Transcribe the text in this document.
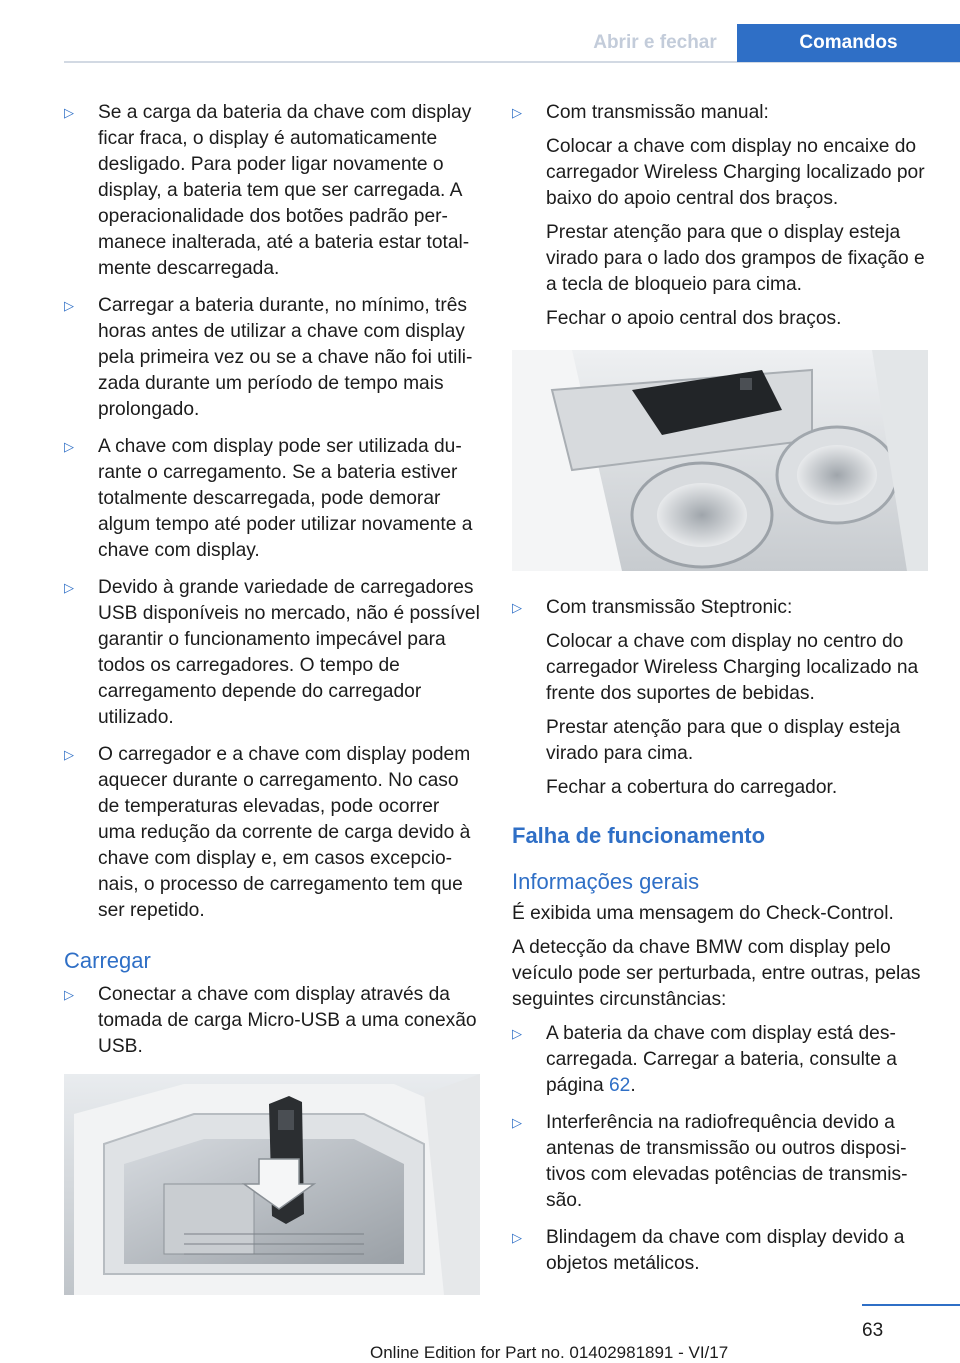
Abrir e fechar	Comandos
▷	Se a carga da bateria da chave com display ficar fraca, o display é automaticamente desligado. Para poder ligar novamente o display, a bateria tem que ser carregada. A operacionalidade dos botões padrão permanece inalterada, até a bateria estar totalmente descarregada.
▷	Carregar a bateria durante, no mínimo, três horas antes de utilizar a chave com display pela primeira vez ou se a chave não foi utilizada durante um período de tempo mais prolongado.
▷	A chave com display pode ser utilizada durante o carregamento. Se a bateria estiver totalmente descarregada, pode demorar algum tempo até poder utilizar novamente a chave com display.
▷	Devido à grande variedade de carregadores USB disponíveis no mercado, não é possível garantir o funcionamento impecável para todos os carregadores. O tempo de carregamento depende do carregador utilizado.
▷	O carregador e a chave com display podem aquecer durante o carregamento. No caso de temperaturas elevadas, pode ocorrer uma redução da corrente de carga devido à chave com display e, em casos excepcionais, o processo de carregamento tem que ser repetido.
Carregar
▷	Conectar a chave com display através da tomada de carga Micro-USB a uma conexão USB.
▷	Com transmissão manual:

Colocar a chave com display no encaixe do carregador Wireless Charging localizado por baixo do apoio central dos braços.

Prestar atenção para que o display esteja virado para o lado dos grampos de fixação e a tecla de bloqueio para cima.

Fechar o apoio central dos braços.

▷	Com transmissão Steptronic:

Colocar a chave com display no centro do carregador Wireless Charging localizado na frente dos suportes de bebidas.

Prestar atenção para que o display esteja virado para cima.

Fechar a cobertura do carregador.

Falha de funcionamento
Informações gerais

É exibida uma mensagem do Check-Control.

A detecção da chave BMW com display pelo veículo pode ser perturbada, entre outras, pelas seguintes circunstâncias:

▷	A bateria da chave com display está descarregada. Carregar a bateria, consulte a página 62.
▷	Interferência na radiofrequência devido a antenas de transmissão ou outros dispositivos com elevadas potências de transmissão.
▷	Blindagem da chave com display devido a objetos metálicos.
63
Online Edition for Part no. 01402981891 - VI/17
